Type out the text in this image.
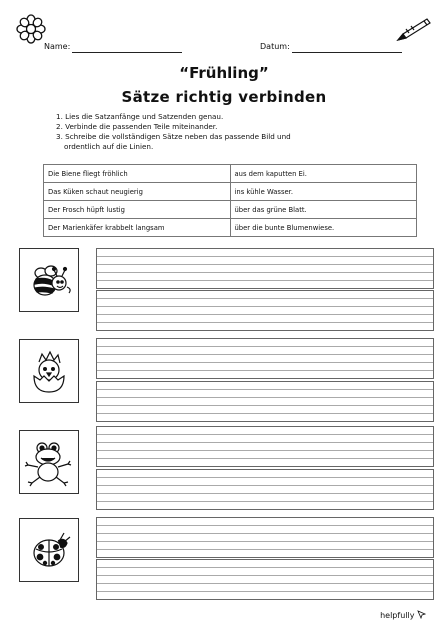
Name:	Datum:
“Frühling”
Sätze richtig verbinden
1. Lies die Satzanfänge und Satzenden genau.
2. Verbinde die passenden Teile miteinander.
3. Schreibe die vollständigen Sätze neben das passende Bild und
ordentlich auf die Linien.
Die Biene fliegt fröhlich	aus dem kaputten Ei.
Das Küken schaut neugierig	ins kühle Wasser.
Der Frosch hüpft lustig	über das grüne Blatt.
Der Marienkäfer krabbelt langsam	über die bunte Blumenwiese.
helpfully
